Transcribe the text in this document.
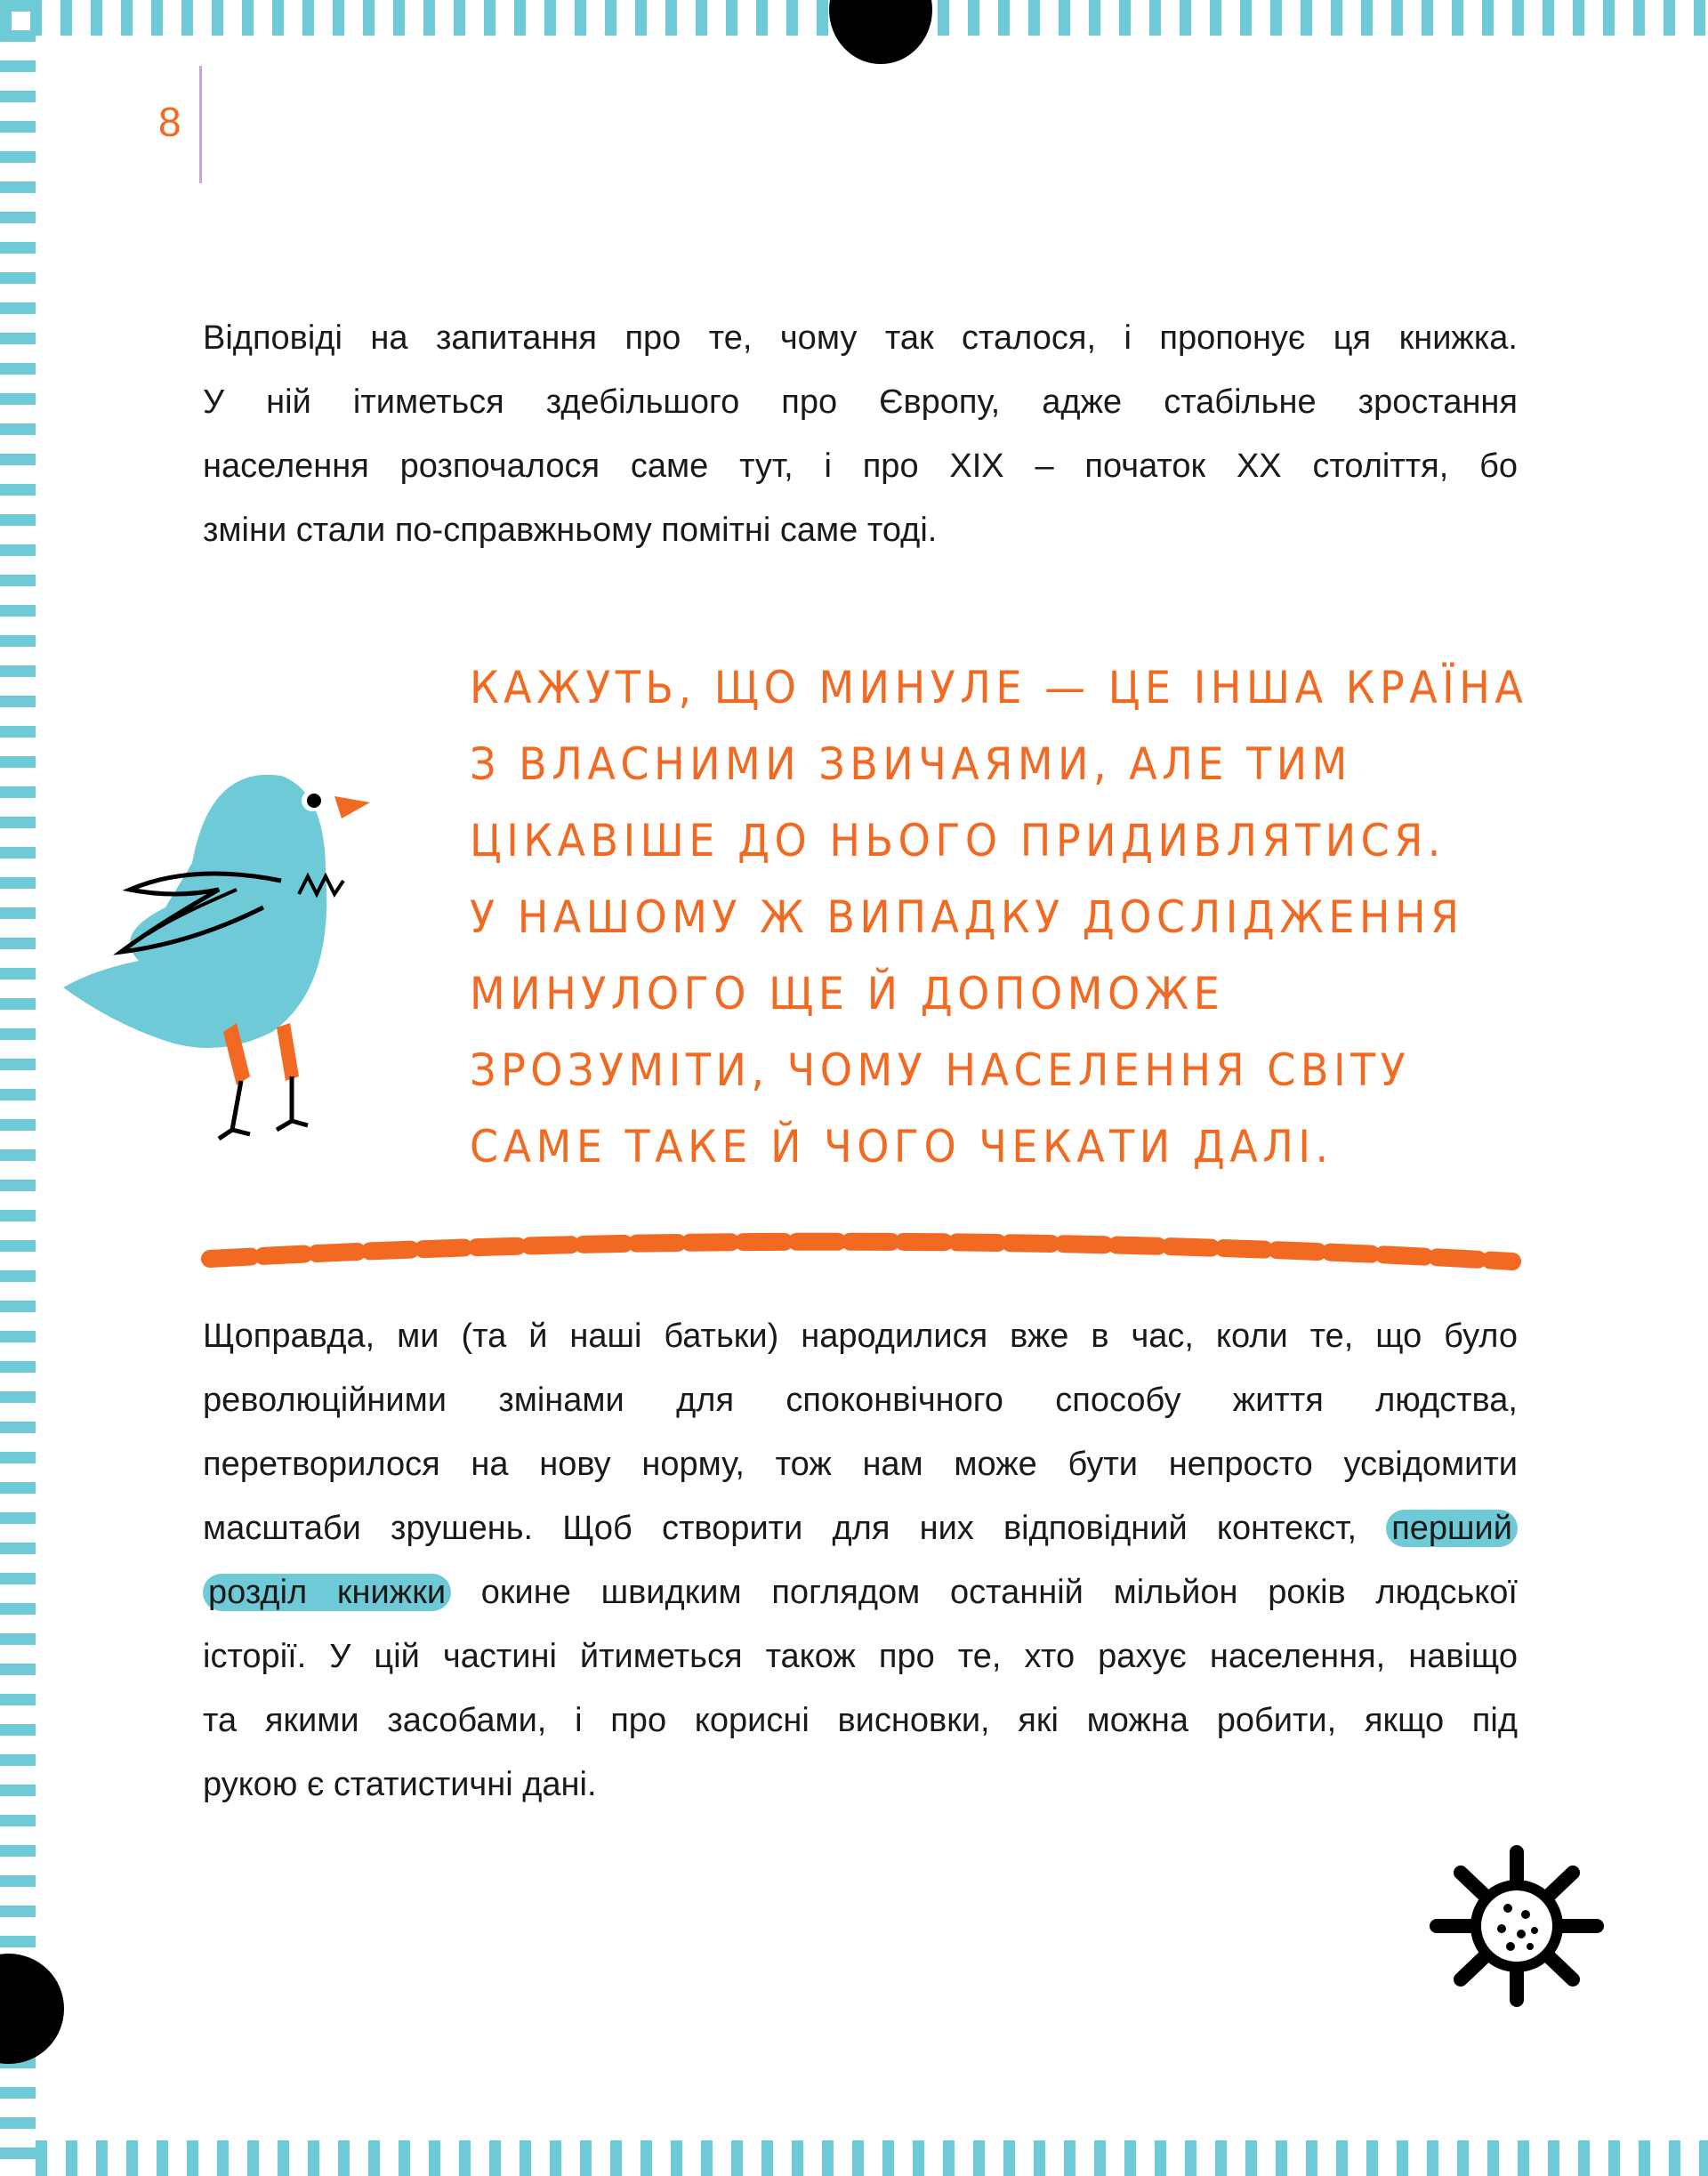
8
Відповіді на запитання про те, чому так сталося, і пропонує ця книжка.
У ній ітиметься здебільшого про Європу, адже стабільне зростання
населення розпочалося саме тут, і про XIX – початок XX століття, бо
зміни стали по-справжньому помітні саме тоді.
КАЖУТЬ, ЩО МИНУЛЕ — ЦЕ ІНША КРАЇНА
З ВЛАСНИМИ ЗВИЧАЯМИ, АЛЕ ТИМ
ЦІКАВІШЕ ДО НЬОГО ПРИДИВЛЯТИСЯ.
У НАШОМУ Ж ВИПАДКУ ДОСЛІДЖЕННЯ
МИНУЛОГО ЩЕ Й ДОПОМОЖЕ
ЗРОЗУМІТИ, ЧОМУ НАСЕЛЕННЯ СВІТУ
САМЕ ТАКЕ Й ЧОГО ЧЕКАТИ ДАЛІ.
Щоправда, ми (та й наші батьки) народилися вже в час, коли те, що було
революційними змінами для споконвічного способу життя людства,
перетворилося на нову норму, тож нам може бути непросто усвідомити
масштаби зрушень. Щоб створити для них відповідний контекст, перший
розділ книжки окине швидким поглядом останній мільйон років людської
історії. У цій частині йтиметься також про те, хто рахує населення, навіщо
та якими засобами, і про корисні висновки, які можна робити, якщо під
рукою є статистичні дані.
